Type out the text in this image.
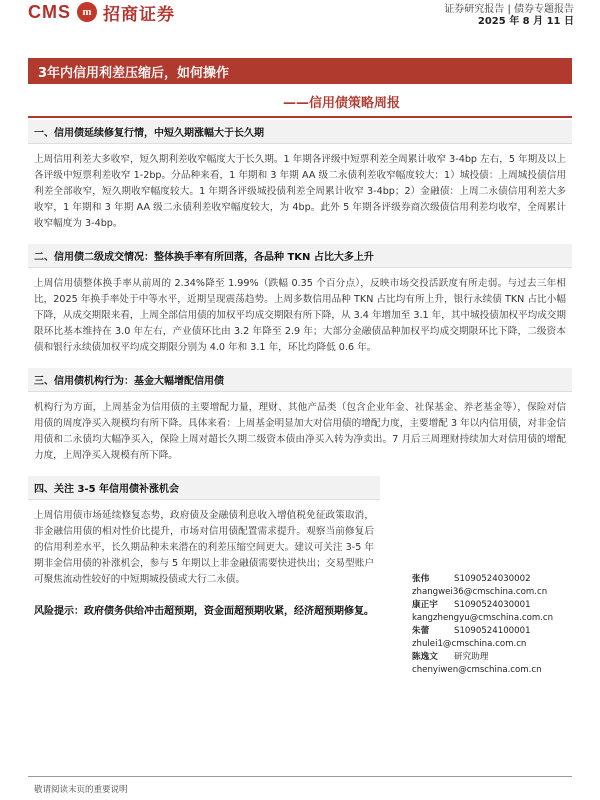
CMS	m 招商证券	证券研究报告 | 债券专题报告
2025 年 8 月 11 日
3年内信用利差压缩后，如何操作
——信用债策略周报
一、信用债延续修复行情，中短久期涨幅大于长久期

上周信用利差大多收窄，短久期利差收窄幅度大于长久期。1 年期各评级中短票利差全周累计收窄 3-4bp 左右，5 年期及以上各评级中短票利差收窄 1-2bp。分品种来看，1 年期和 3 年期 AA 级二永债利差收窄幅度较大：1）城投债：上周城投债信用利差全部收窄，短久期收窄幅度较大。1 年期各评级城投债利差全周累计收窄 3-4bp；2）金融债：上周二永债信用利差大多收窄，1 年期和 3 年期 AA 级二永债利差收窄幅度较大，为 4bp。此外 5 年期各评级券商次级债信用利差均收窄，全周累计收窄幅度为 3-4bp。

二、信用债二级成交情况：整体换手率有所回落，各品种 TKN 占比大多上升

上周信用债整体换手率从前周的 2.34%降至 1.99%（跌幅 0.35 个百分点），反映市场交投活跃度有所走弱。与过去三年相比，2025 年换手率处于中等水平，近期呈现震荡趋势。上周多数信用品种 TKN 占比均有所上升，银行永续债 TKN 占比小幅下降，从成交期限来看，上周全部信用债的加权平均成交期限有所下降，从 3.4 年增加至 3.1 年，其中城投债加权平均成交期限环比基本维持在 3.0 年左右，产业债环比由 3.2 年降至 2.9 年；大部分金融债品种加权平均成交期限环比下降，二级资本债和银行永续债加权平均成交期限分别为 4.0 年和 3.1 年，环比均降低 0.6 年。

三、信用债机构行为：基金大幅增配信用债

机构行为方面，上周基金为信用债的主要增配力量，理财、其他产品类（包含企业年金、社保基金、养老基金等），保险对信用债的周度净买入规模均有所下降。具体来看：上周基金明显加大对信用债的增配力度，主要增配 3 年以内信用债，对非金信用债和二永债均大幅净买入，保险上周对超长久期二级资本债由净买入转为净卖出。7 月后三周理财持续加大对信用债的增配力度，上周净买入规模有所下降。

四、关注 3-5 年信用债补涨机会

上周信用债市场延续修复态势，政府债及金融债利息收入增值税免征政策取消，非金融信用债的相对性价比提升，市场对信用债配置需求提升。观察当前修复后的信用利差水平，长久期品种未来潜在的利差压缩空间更大。建议可关注 3-5 年期非金信用债的补涨机会，参与 5 年期以上非金融债需要快进快出；交易型账户可聚焦流动性较好的中短期城投债或大行二永债。

风险提示：政府债务供给冲击超预期，资金面超预期收紧，经济超预期修复。
张伟	S1090524030002
zhangwei36@cmschina.com.cn
康正宇	S1090524030001
kangzhengyu@cmschina.com.cn
朱蕾	S1090524100001
zhulei1@cmschina.com.cn
陈逸文	研究助理
chenyiwen@cmschina.com.cn
敬请阅读末页的重要说明
